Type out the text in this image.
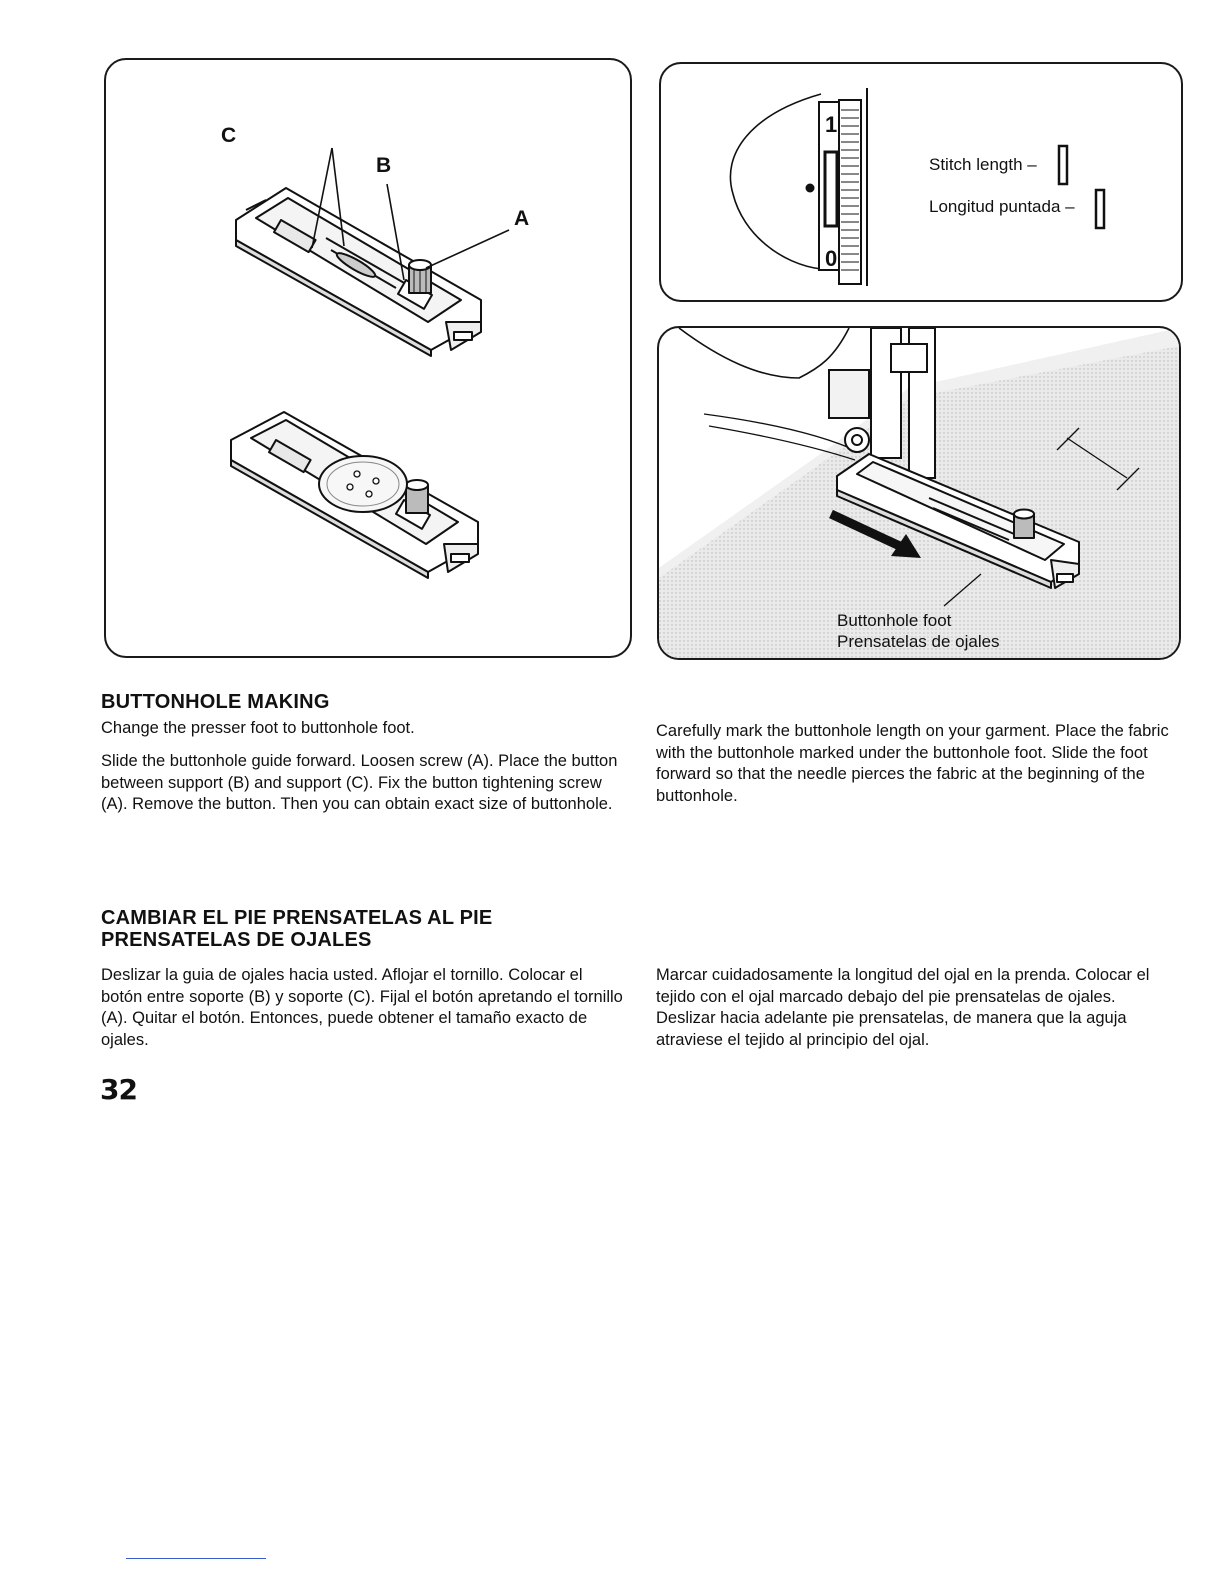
C
B
A
1
0
Stitch length –
Longitud puntada –
Buttonhole foot
Prensatelas de ojales
BUTTONHOLE MAKING

Change the presser foot to buttonhole foot.

Slide the buttonhole guide forward. Loosen screw (A). Place the button between support (B) and support (C). Fix the button tightening screw (A). Remove the button. Then you can obtain exact size of buttonhole.

Carefully mark the buttonhole length on your garment. Place the fabric with the buttonhole marked under the buttonhole foot. Slide the foot forward so that the needle pierces the fabric at the beginning of the buttonhole.

CAMBIAR EL PIE PRENSATELAS AL PIE PRENSATELAS DE OJALES

Deslizar la guia de ojales hacia usted. Aflojar el tornillo. Colocar el botón entre soporte (B) y soporte (C). Fijal el botón apretando el tornillo (A). Quitar el botón. Entonces, puede obtener el tamaño exacto de ojales.

Marcar cuidadosamente la longitud del ojal en la prenda. Colocar el tejido con el ojal marcado debajo del pie prensatelas de ojales. Deslizar hacia adelante pie prensatelas, de manera que la aguja atraviese el tejido al principio del ojal.

32
